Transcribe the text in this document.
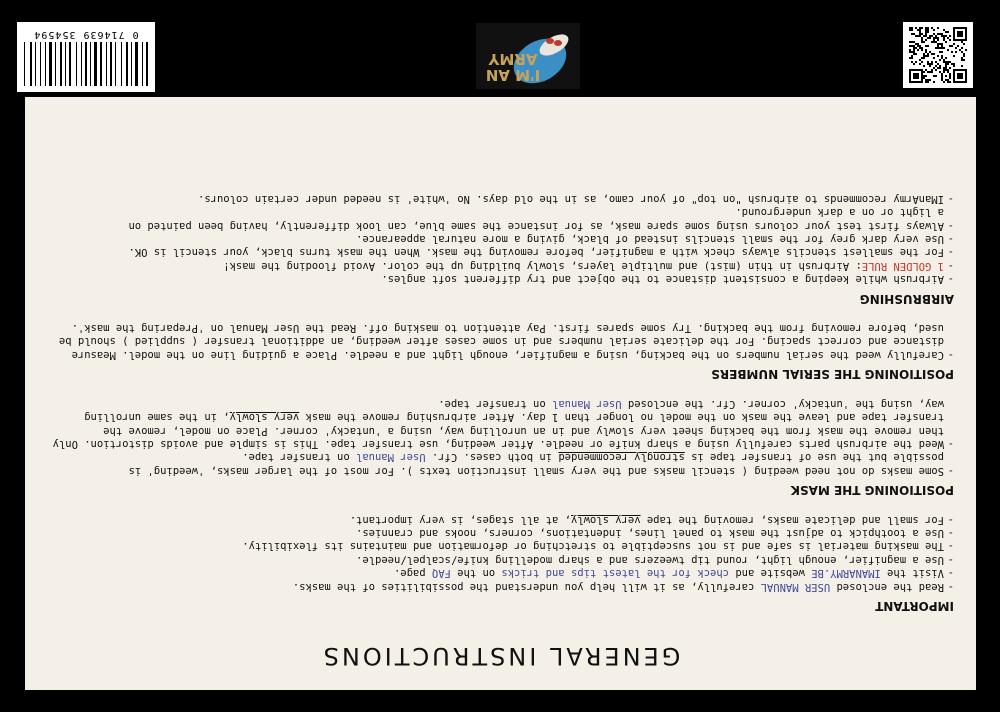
GENERAL INSTRUCTIONS
IMPORTANT
- Read the enclosed USER MANUAL carefully, as it will help you understand the possibilities of the masks.
- Visit the IMANARMY.BE website and check for the latest tips and tricks on the FAQ page.
- Use a magnifier, enough light, round tip tweezers and a sharp modelling knife/scalpel/needle.
- The masking material is safe and is not susceptible to stretching or deformation and maintains its flexibility.
- Use a toothpick to adjust the mask to panel lines, indentations, corners, nooks and crannies.
- For small and delicate masks, removing the tape very slowly, at all stages, is very important.
POSITIONING THE MASK
- Some masks do not need weeding ( stencil masks and the very small instruction texts ). For most of the larger masks, 'weeding' is
possible but the use of transfer tape is strongly recommended in both cases. Cfr. User Manual on transfer tape.
- Weed the airbrush parts carefully using a sharp knife or needle. After weeding, use transfer tape. This is simple and avoids distortion. Only
then remove the mask from the backing sheet very slowly and in an unrolling way, using a 'untacky' corner. Place on model, remove the
transfer tape and leave the mask on the model no longer than 1 day. After airbrushing remove the mask very slowly, in the same unrolling
way, using the 'untacky' corner. Cfr. the enclosed User Manual on transfer tape.
POSITIONING THE SERIAL NUMBERS
- Carefully weed the serial numbers on the backing, using a magnifier, enough light and a needle. Place a guiding line on the model. Measure
distance and correct spacing. For the delicate serial numbers and in some cases after weeding, an additional transfer ( supplied ) should be
used, before removing from the backing. Try some spares first. Pay attention to masking off. Read the User Manual on 'Preparing the mask'.
AIRBRUSHING
- Airbrush while keeping a consistent distance to the object and try different soft angles.
- 1 GOLDEN RULE: Airbrush in thin (mist) and multiple layers, slowly building up the color. Avoid flooding the mask!
- For the smallest stencils always check with a magnifier, before removing the mask. When the mask turns black, your stencil is OK.
- Use very dark grey for the small stencils instead of black, giving a more natural appearance.
- Always first test your colours using some spare mask, as for instance the same blue, can look differently, having been painted on
a light or on a dark underground.
- IManArmy recommends to airbrush "on top" of your camo, as in the old days. No 'white' is needed under certain colours.
0 714639 354594
I'M AN
ARMY
